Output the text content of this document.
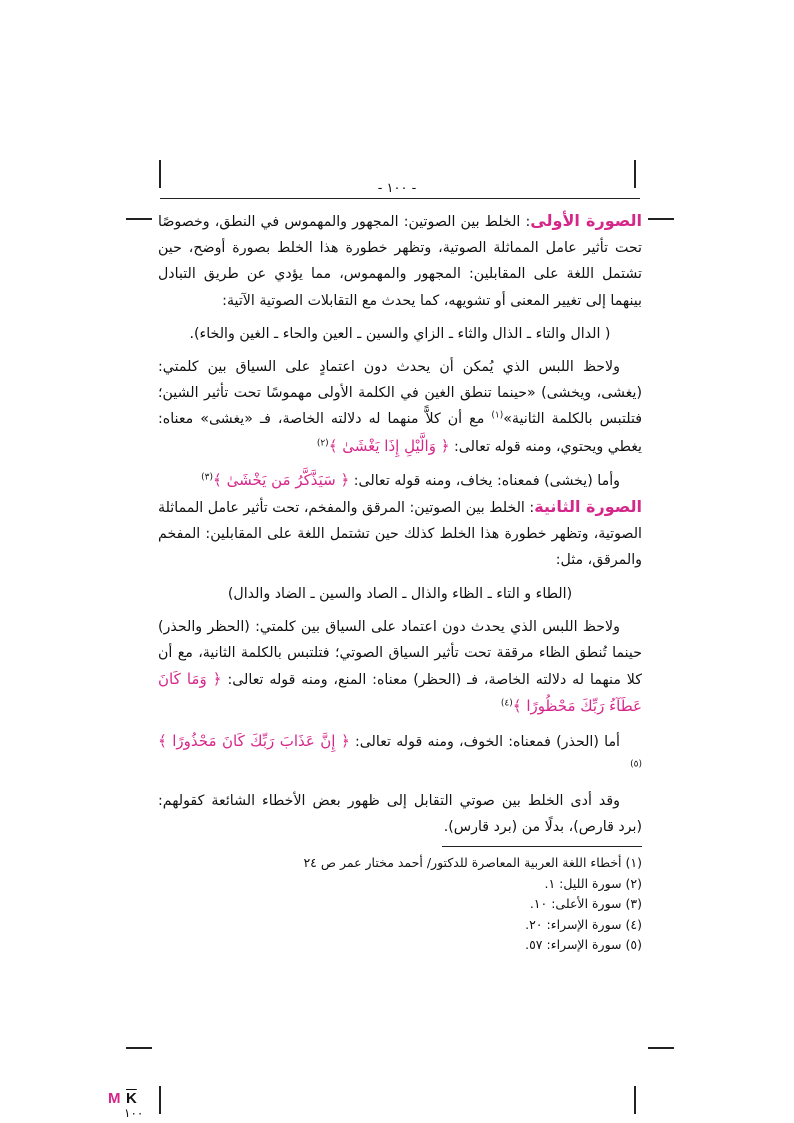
- ١٠٠ -

الصورة الأولى: الخلط بين الصوتين: المجهور والمهموس في النطق، وخصوصًا تحت تأثير عامل المماثلة الصوتية، وتظهر خطورة هذا الخلط بصورة أوضح، حين تشتمل اللغة على المقابلين: المجهور والمهموس، مما يؤدي عن طريق التبادل بينهما إلى تغيير المعنى أو تشويهه، كما يحدث مع التقابلات الصوتية الآتية:

( الدال والتاء ـ الذال والثاء ـ الزاي والسين ـ العين والحاء ـ الغين والخاء).

ولاحظ اللبس الذي يُمكن أن يحدث دون اعتمادٍ على السياق بين كلمتي: (يغشى، ويخشى) «حينما تنطق الغين في الكلمة الأولى مهموسًا تحت تأثير الشين؛ فتلتبس بالكلمة الثانية»$^{(١)}$ مع أن كلاًّ منهما له دلالته الخاصة، فـ «يغشى» معناه: يغطي ويحتوي، ومنه قوله تعالى: ﴿ وَالَّيْلِ إِذَا يَغْشَىٰ ﴾$^{(٢)}$

وأما (يخشى) فمعناه: يخاف، ومنه قوله تعالى: ﴿ سَيَذَّكَّرُ مَن يَخْشَىٰ ﴾$^{(٣)}$

الصورة الثانية: الخلط بين الصوتين: المرقق والمفخم، تحت تأثير عامل المماثلة الصوتية، وتظهر خطورة هذا الخلط كذلك حين تشتمل اللغة على المقابلين: المفخم والمرقق، مثل:

(الطاء و التاء ـ الظاء والذال ـ الصاد والسين ـ الضاد والدال)

ولاحظ اللبس الذي يحدث دون اعتماد على السياق بين كلمتي: (الحظر والحذر) حينما تُنطق الظاء مرققة تحت تأثير السياق الصوتي؛ فتلتبس بالكلمة الثانية، مع أن كلا منهما له دلالته الخاصة، فـ (الحظر) معناه: المنع، ومنه قوله تعالى: ﴿ وَمَا كَانَ عَطَآءُ رَبِّكَ مَحْظُورًا ﴾$^{(٤)}$

أما (الحذر) فمعناه: الخوف، ومنه قوله تعالى: ﴿ إِنَّ عَذَابَ رَبِّكَ كَانَ مَحْذُورًا ﴾$^{(٥)}$

وقد أدى الخلط بين صوتي التقابل إلى ظهور بعض الأخطاء الشائعة كقولهم: (برد قارص)، بدلًا من (برد قارس).

(١) أخطاء اللغة العربية المعاصرة للدكتور/ أحمد مختار عمر ص ٢٤
(٢) سورة الليل: ١.
(٣) سورة الأعلى: ١٠.
(٤) سورة الإسراء: ٢٠.
(٥) سورة الإسراء: ٥٧.
M $\overline{K}$
١٠٠
